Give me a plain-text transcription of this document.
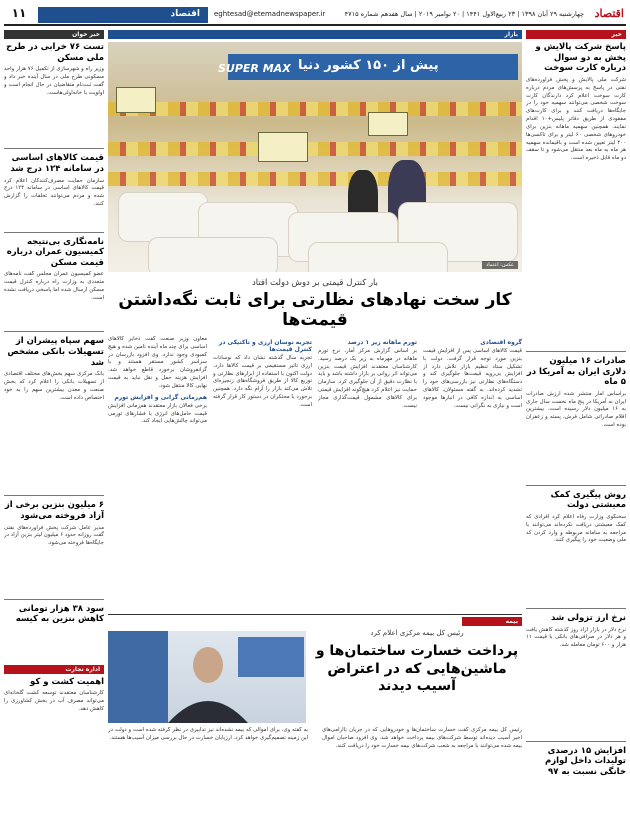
اقتصاد
چهارشنبه ۲۹ آبان ۱۳۹۸ | ۲۳ ربیع‌الاول ۱۴۴۱ | ۲۰ نوامبر ۲۰۱۹ | سال هفدهم شماره ۴۷۱۵
eghtesad@etemadnewspaper.ir
اقتصاد
۱۱
خبر
پاسخ شرکت پالایش و پخش به دو سوال درباره کارت سوخت
شرکت ملی پالایش و پخش فرآورده‌های نفتی در پاسخ به پرسش‌های مردم درباره کارت سوخت اعلام کرد دارندگان کارت سوخت شخصی می‌توانند سهمیه خود را در جایگاه‌ها دریافت کنند و برای کارت‌های مفقودی از طریق دفاتر پلیس+۱۰ اقدام نمایند. همچنین سهمیه ماهانه بنزین برای خودروهای شخصی ۶۰ لیتر و برای تاکسی‌ها ۴۰۰ لیتر تعیین شده است و باقیمانده سهمیه هر ماه به ماه بعد منتقل می‌شود و تا سقف دو ماه قابل ذخیره است.
صادرات ۱۶ میلیون دلاری ایران به آمریکا در ۵ ماه
براساس آمار منتشر شده ارزش صادرات ایران به آمریکا در پنج ماه نخست سال جاری به ۱۶ میلیون دلار رسیده است. بیشترین اقلام صادراتی شامل فرش، پسته و زعفران بوده است.
روش پیگیری کمک معیشتی دولت
سخنگوی وزارت رفاه اعلام کرد افرادی که کمک معیشتی دریافت نکرده‌اند می‌توانند با مراجعه به سامانه مربوطه و وارد کردن کد ملی وضعیت خود را پیگیری کنند.
نرخ ارز تزولی شد
نرخ دلار در بازار آزاد روز گذشته کاهش یافت و هر دلار در صرافی‌های بانکی با قیمت ۱۱ هزار و ۶۰۰ تومان معامله شد.
افزایش ۱۵ درصدی تولیدات داخل لوازم خانگی نسبت به ۹۷
خبر خوان
تست ۷۶ خرابی در طرح ملی مسکن
وزیر راه و شهرسازی از تکمیل ۷۶ هزار واحد مسکونی طرح ملی در سال آینده خبر داد و گفت ثبت‌نام متقاضیان در حال انجام است و اولویت با خانه‌اولی‌هاست.
قیمت کالاهای اساسی در سامانه ۱۲۴ درج شد
سازمان حمایت مصرف‌کنندگان اعلام کرد قیمت کالاهای اساسی در سامانه ۱۲۴ درج شده و مردم می‌توانند تخلفات را گزارش کنند.
نامه‌نگاری بی‌نتیجه کمیسیون عمران درباره قیمت مسکن
عضو کمیسیون عمران مجلس گفت نامه‌های متعددی به وزارت راه درباره کنترل قیمت مسکن ارسال شده اما پاسخی دریافت نشده است.
سهم سپاه پیشران از تسهیلات بانکی مشخص شد
بانک مرکزی سهم بخش‌های مختلف اقتصادی از تسهیلات بانکی را اعلام کرد که بخش صنعت و معدن بیشترین سهم را به خود اختصاص داده است.
۶ میلیون بنزین برخی از آزاد فروخته می‌شود
مدیر عامل شرکت پخش فرآورده‌های نفتی گفت روزانه حدود ۶ میلیون لیتر بنزین آزاد در جایگاه‌ها فروخته می‌شود.
سود ۳۸ هزار تومانی کاهش بنزین به کیسه
اداره تجارت
اهمیت کشت و کو
کارشناسان معتقدند توسعه کشت گلخانه‌ای می‌تواند مصرف آب در بخش کشاورزی را کاهش دهد.
بازار
پیش از ۱۵۰ کشور دنیا
SUPER MAX
عکس: اعتماد
بار کنترل قیمتی بر دوش دولت افتاد
کار سخت نهادهای نظارتی برای ثابت نگه‌داشتن قیمت‌ها
گروه اقتصادی
قیمت کالاهای اساسی پس از افزایش قیمت بنزین مورد توجه قرار گرفت. دولت با تشکیل ستاد تنظیم بازار تلاش دارد از افزایش بی‌رویه قیمت‌ها جلوگیری کند و دستگاه‌های نظارتی نیز بازرسی‌های خود را تشدید کرده‌اند. به گفته مسئولان، کالاهای اساسی به اندازه کافی در انبارها موجود است و نیازی به نگرانی نیست.
تورم ماهانه زیر ۱ درصد
بر اساس گزارش مرکز آمار، نرخ تورم ماهانه در مهرماه به زیر یک درصد رسید. کارشناسان معتقدند افزایش قیمت بنزین می‌تواند اثر روانی بر بازار داشته باشد و باید با نظارت دقیق از آن جلوگیری کرد. سازمان حمایت نیز اعلام کرد هیچ‌گونه افزایش قیمتی برای کالاهای مشمول قیمت‌گذاری مجاز نیست.
تجربه نوسان ارزی و تاکتیکی در کنترل قیمت‌ها
تجربه سال گذشته نشان داد که نوسانات ارزی تاثیر مستقیمی بر قیمت کالاها دارد. دولت اکنون با استفاده از ابزارهای نظارتی و توزیع کالا از طریق فروشگاه‌های زنجیره‌ای تلاش می‌کند بازار را آرام نگه دارد. همچنین برخورد با محتکران در دستور کار قرار گرفته است.
معاون وزیر صنعت گفت ذخایر کالاهای اساسی برای چند ماه آینده تامین شده و هیچ کمبودی وجود ندارد. وی افزود بازرسان در سراسر کشور مستقر هستند و با گرانفروشان برخورد قاطع خواهد شد. افزایش هزینه حمل و نقل نباید به قیمت نهایی کالا منتقل شود.
هم‌زمانی گرانی و افزایش تورم
برخی فعالان بازار معتقدند هم‌زمانی افزایش قیمت حامل‌های انرژی با فشارهای تورمی می‌تواند چالش‌هایی ایجاد کند.
بیمه
رئیس کل بیمه مرکزی اعلام کرد
پرداخت خسارت ساختمان‌ها و ماشین‌هایی که در اعتراض آسیب دیدند
رئیس کل بیمه مرکزی گفت خسارت ساختمان‌ها و خودروهایی که در جریان ناآرامی‌های اخیر آسیب دیده‌اند توسط شرکت‌های بیمه پرداخت خواهد شد. وی افزود صاحبان اموال بیمه شده می‌توانند با مراجعه به شعب شرکت‌های بیمه خسارت خود را دریافت کنند.
به گفته وی، برای اموالی که بیمه نشده‌اند نیز تدابیری در نظر گرفته شده است و دولت در این زمینه تصمیم‌گیری خواهد کرد. ارزیابان خسارت در حال بررسی میزان آسیب‌ها هستند.
